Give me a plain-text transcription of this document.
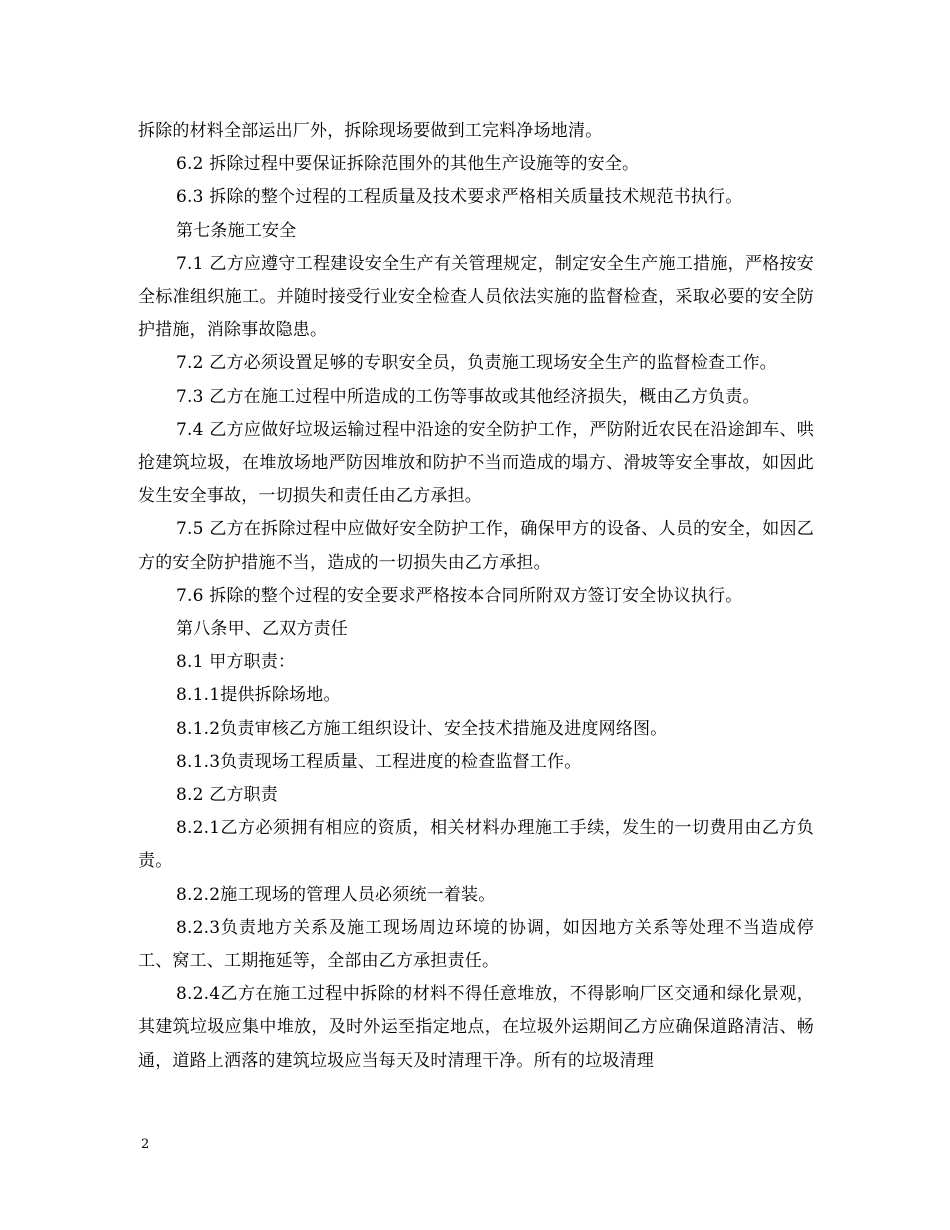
拆除的材料全部运出厂外，拆除现场要做到工完料净场地清。

6.2 拆除过程中要保证拆除范围外的其他生产设施等的安全。

6.3 拆除的整个过程的工程质量及技术要求严格相关质量技术规范书执行。

第七条施工安全

7.1 乙方应遵守工程建设安全生产有关管理规定，制定安全生产施工措施，严格按安全标准组织施工。并随时接受行业安全检查人员依法实施的监督检查，采取必要的安全防护措施，消除事故隐患。

7.2 乙方必须设置足够的专职安全员，负责施工现场安全生产的监督检查工作。

7.3 乙方在施工过程中所造成的工伤等事故或其他经济损失，概由乙方负责。

7.4 乙方应做好垃圾运输过程中沿途的安全防护工作，严防附近农民在沿途卸车、哄抢建筑垃圾，在堆放场地严防因堆放和防护不当而造成的塌方、滑坡等安全事故，如因此发生安全事故，一切损失和责任由乙方承担。

7.5 乙方在拆除过程中应做好安全防护工作，确保甲方的设备、人员的安全，如因乙方的安全防护措施不当，造成的一切损失由乙方承担。

7.6 拆除的整个过程的安全要求严格按本合同所附双方签订安全协议执行。

第八条甲、乙双方责任

8.1 甲方职责：

8.1.1提供拆除场地。

8.1.2负责审核乙方施工组织设计、安全技术措施及进度网络图。

8.1.3负责现场工程质量、工程进度的检查监督工作。

8.2 乙方职责

8.2.1乙方必须拥有相应的资质，相关材料办理施工手续，发生的一切费用由乙方负责。

8.2.2施工现场的管理人员必须统一着装。

8.2.3负责地方关系及施工现场周边环境的协调，如因地方关系等处理不当造成停工、窝工、工期拖延等，全部由乙方承担责任。

8.2.4乙方在施工过程中拆除的材料不得任意堆放，不得影响厂区交通和绿化景观，其建筑垃圾应集中堆放，及时外运至指定地点，在垃圾外运期间乙方应确保道路清洁、畅通，道路上洒落的建筑垃圾应当每天及时清理干净。所有的垃圾清理

2
